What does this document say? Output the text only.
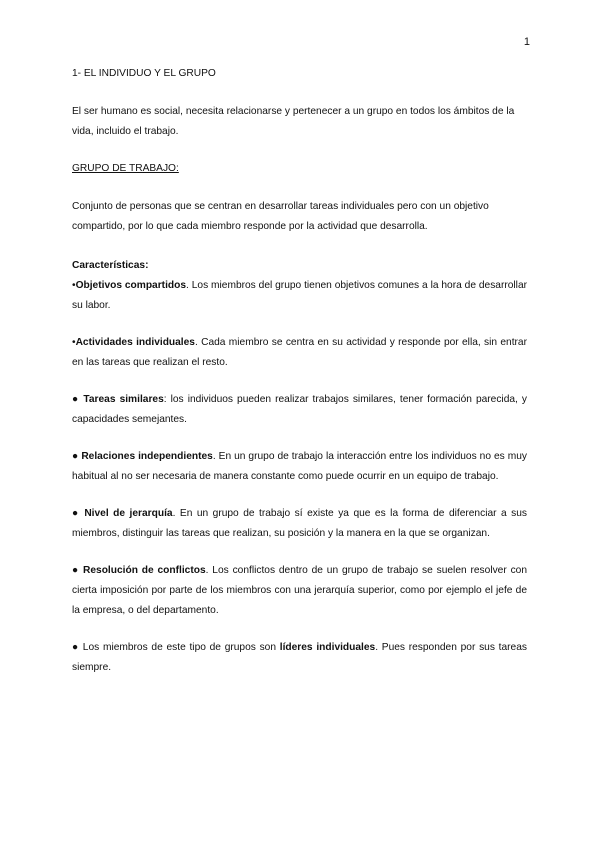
1

1- EL INDIVIDUO Y EL GRUPO

El ser humano es social, necesita relacionarse y pertenecer a un grupo en todos los ámbitos de la vida, incluido el trabajo.

GRUPO DE TRABAJO:

Conjunto de personas que se centran en desarrollar tareas individuales pero con un objetivo compartido, por lo que cada miembro responde por la actividad que desarrolla.

Características:

•Objetivos compartidos. Los miembros del grupo tienen objetivos comunes a la hora de desarrollar su labor.

•Actividades individuales. Cada miembro se centra en su actividad y responde por ella, sin entrar en las tareas que realizan el resto.

● Tareas similares: los individuos pueden realizar trabajos similares, tener formación parecida, y capacidades semejantes.

● Relaciones independientes. En un grupo de trabajo la interacción entre los individuos no es muy habitual al no ser necesaria de manera constante como puede ocurrir en un equipo de trabajo.

● Nivel de jerarquía. En un grupo de trabajo sí existe ya que es la forma de diferenciar a sus miembros, distinguir las tareas que realizan, su posición y la manera en la que se organizan.

● Resolución de conflictos. Los conflictos dentro de un grupo de trabajo se suelen resolver con cierta imposición por parte de los miembros con una jerarquía superior, como por ejemplo el jefe de la empresa, o del departamento.

● Los miembros de este tipo de grupos son líderes individuales. Pues responden por sus tareas siempre.
